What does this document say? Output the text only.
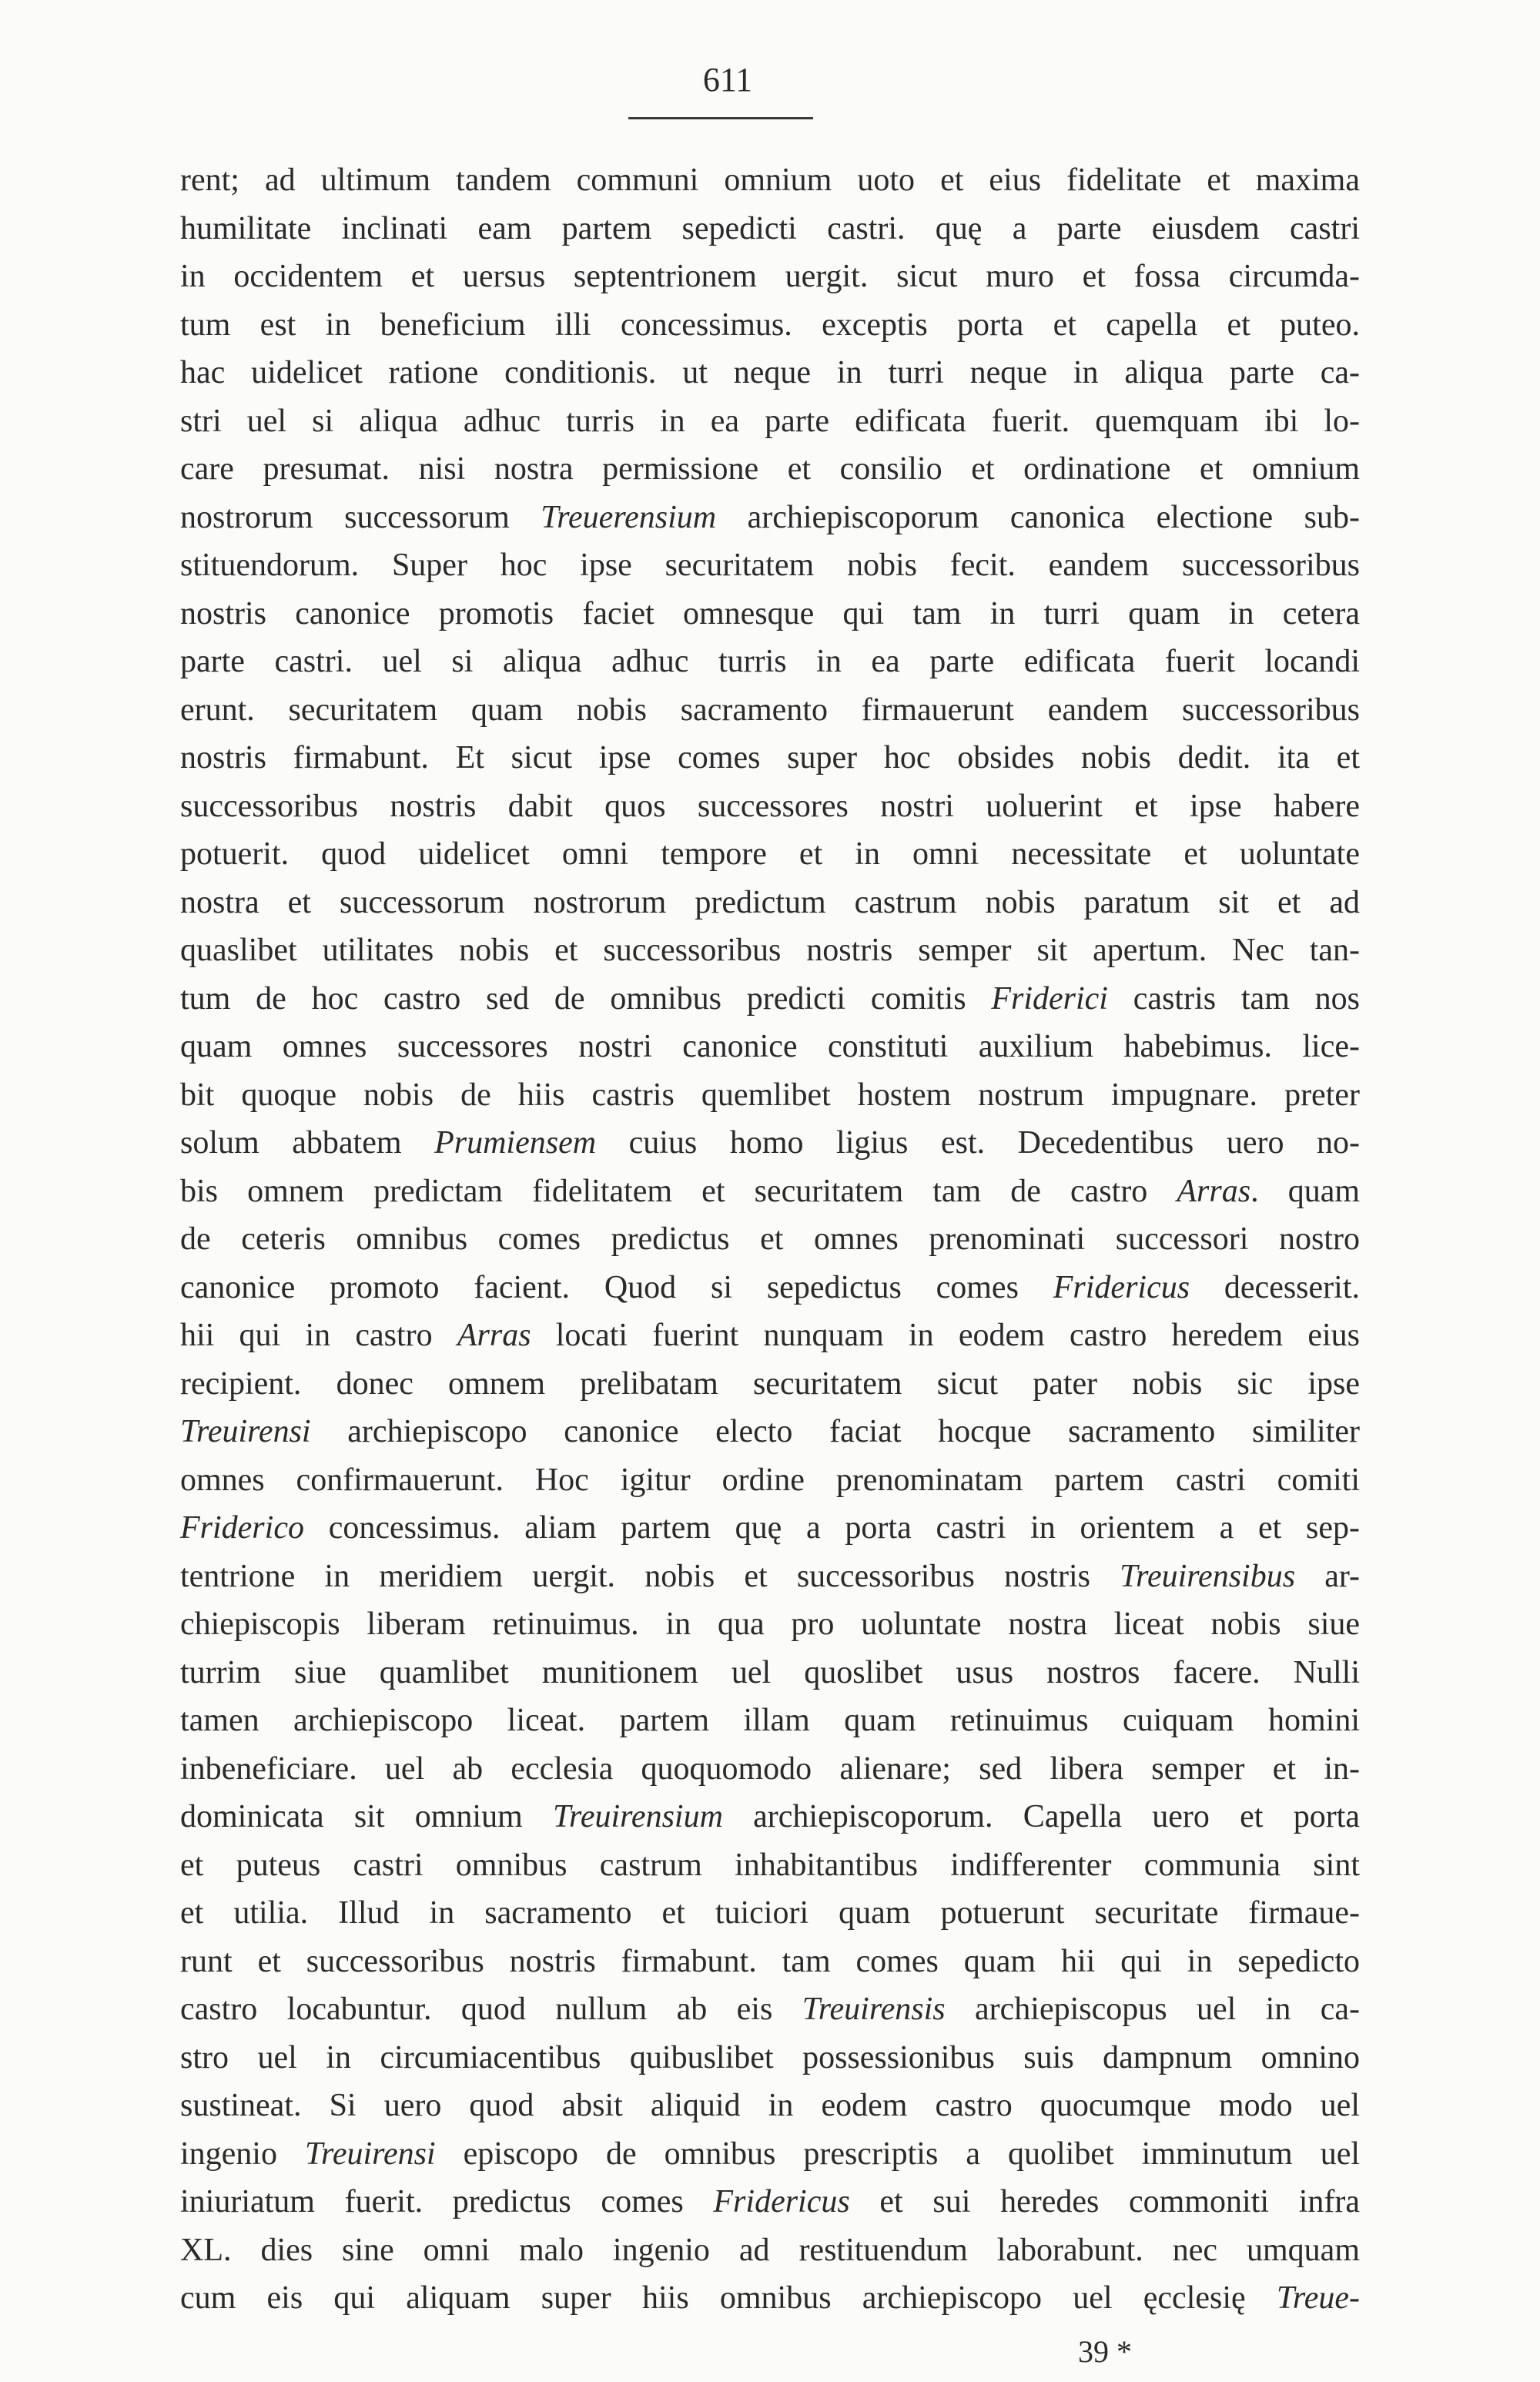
611
rent; ad ultimum tandem communi omnium uoto et eius fidelitate et maxima
humilitate inclinati eam partem sepedicti castri. quę a parte eiusdem castri
in occidentem et uersus septentrionem uergit. sicut muro et fossa circumda-
tum est in beneficium illi concessimus. exceptis porta et capella et puteo.
hac uidelicet ratione conditionis. ut neque in turri neque in aliqua parte ca-
stri uel si aliqua adhuc turris in ea parte edificata fuerit. quemquam ibi lo-
care presumat. nisi nostra permissione et consilio et ordinatione et omnium
nostrorum successorum Treuerensium archiepiscoporum canonica electione sub-
stituendorum. Super hoc ipse securitatem nobis fecit. eandem successoribus
nostris canonice promotis faciet omnesque qui tam in turri quam in cetera
parte castri. uel si aliqua adhuc turris in ea parte edificata fuerit locandi
erunt. securitatem quam nobis sacramento firmauerunt eandem successoribus
nostris firmabunt. Et sicut ipse comes super hoc obsides nobis dedit. ita et
successoribus nostris dabit quos successores nostri uoluerint et ipse habere
potuerit. quod uidelicet omni tempore et in omni necessitate et uoluntate
nostra et successorum nostrorum predictum castrum nobis paratum sit et ad
quaslibet utilitates nobis et successoribus nostris semper sit apertum. Nec tan-
tum de hoc castro sed de omnibus predicti comitis Friderici castris tam nos
quam omnes successores nostri canonice constituti auxilium habebimus. lice-
bit quoque nobis de hiis castris quemlibet hostem nostrum impugnare. preter
solum abbatem Prumiensem cuius homo ligius est. Decedentibus uero no-
bis omnem predictam fidelitatem et securitatem tam de castro Arras. quam
de ceteris omnibus comes predictus et omnes prenominati successori nostro
canonice promoto facient. Quod si sepedictus comes Fridericus decesserit.
hii qui in castro Arras locati fuerint nunquam in eodem castro heredem eius
recipient. donec omnem prelibatam securitatem sicut pater nobis sic ipse
Treuirensi archiepiscopo canonice electo faciat hocque sacramento similiter
omnes confirmauerunt. Hoc igitur ordine prenominatam partem castri comiti
Friderico concessimus. aliam partem quę a porta castri in orientem a et sep-
tentrione in meridiem uergit. nobis et successoribus nostris Treuirensibus ar-
chiepiscopis liberam retinuimus. in qua pro uoluntate nostra liceat nobis siue
turrim siue quamlibet munitionem uel quoslibet usus nostros facere. Nulli
tamen archiepiscopo liceat. partem illam quam retinuimus cuiquam homini
inbeneficiare. uel ab ecclesia quoquomodo alienare; sed libera semper et in-
dominicata sit omnium Treuirensium archiepiscoporum. Capella uero et porta
et puteus castri omnibus castrum inhabitantibus indifferenter communia sint
et utilia. Illud in sacramento et tuiciori quam potuerunt securitate firmaue-
runt et successoribus nostris firmabunt. tam comes quam hii qui in sepedicto
castro locabuntur. quod nullum ab eis Treuirensis archiepiscopus uel in ca-
stro uel in circumiacentibus quibuslibet possessionibus suis dampnum omnino
sustineat. Si uero quod absit aliquid in eodem castro quocumque modo uel
ingenio Treuirensi episcopo de omnibus prescriptis a quolibet imminutum uel
iniuriatum fuerit. predictus comes Fridericus et sui heredes commoniti infra
XL. dies sine omni malo ingenio ad restituendum laborabunt. nec umquam
cum eis qui aliquam super hiis omnibus archiepiscopo uel ęcclesię Treue-
39 *
